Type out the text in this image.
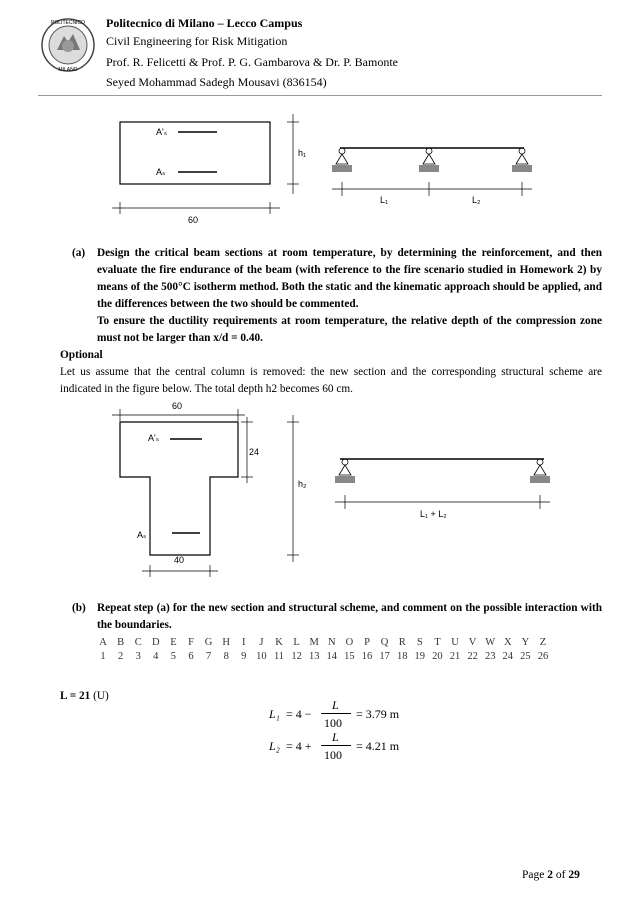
POLITECNICO
MILANO
Politecnico di Milano – Lecco Campus
Civil Engineering for Risk Mitigation
Prof. R. Felicetti & Prof. P. G. Gambarova & Dr. P. Bamonte
Seyed Mohammad Sadegh Mousavi (836154)
A'ₛ
Aₛ
60
h₁
L₁	L₂
(a) Design the critical beam sections at room temperature, by determining the reinforcement, and then evaluate the fire endurance of the beam (with reference to the fire scenario studied in Homework 2) by means of the 500°C isotherm method. Both the static and the kinematic approach should be applied, and the differences between the two should be commented.
To ensure the ductility requirements at room temperature, the relative depth of the compression zone must not be larger than x/d = 0.40.
Optional
Let us assume that the central column is removed: the new section and the corresponding structural scheme are indicated in the figure below. The total depth h2 becomes 60 cm.
60
A'ₛ
Aₛ
24
h₂
40
L₁ + L₂
(b) Repeat step (a) for the new section and structural scheme, and comment on the possible interaction with the boundaries.
A
1
B
2
C
3
D
4
E
5
F
6
G
7
H
8
I
9
J
10
K
11
L
12
M
13
N
14
O
15
P
16
Q
17
R
18
S
19
T
20
U
21
V
22
W
23
X
24
Y
25
Z
26
L = 21 (U)
L₁ = 4 −
L
100
= 3.79 m
L₂ = 4 +
L
100
= 4.21 m
Page 2 of 29
